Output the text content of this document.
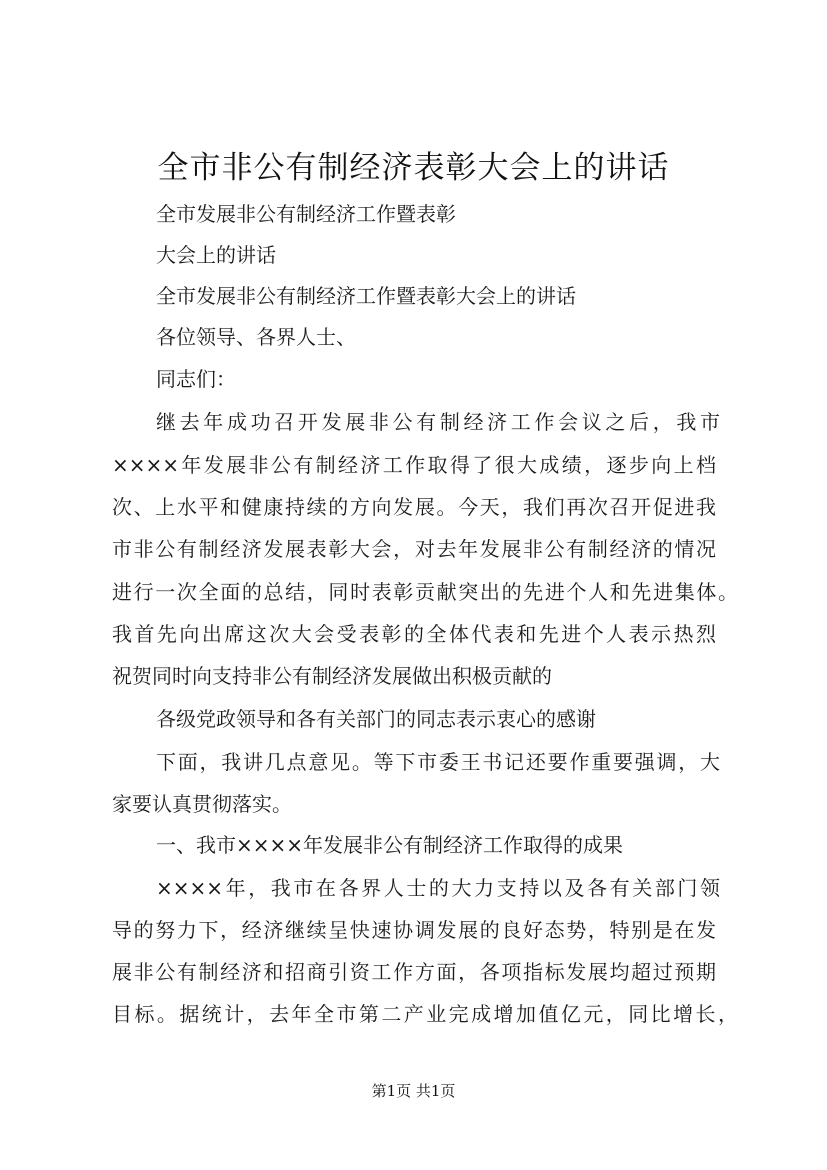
全市非公有制经济表彰大会上的讲话
全市发展非公有制经济工作暨表彰
大会上的讲话
全市发展非公有制经济工作暨表彰大会上的讲话
各位领导、各界人士、
同志们：
继去年成功召开发展非公有制经济工作会议之后，我市
××××年发展非公有制经济工作取得了很大成绩，逐步向上档
次、上水平和健康持续的方向发展。今天，我们再次召开促进我
市非公有制经济发展表彰大会，对去年发展非公有制经济的情况
进行一次全面的总结，同时表彰贡献突出的先进个人和先进集体。
我首先向出席这次大会受表彰的全体代表和先进个人表示热烈
祝贺同时向支持非公有制经济发展做出积极贡献的
各级党政领导和各有关部门的同志表示衷心的感谢
下面，我讲几点意见。等下市委王书记还要作重要强调，大
家要认真贯彻落实。
一、我市××××年发展非公有制经济工作取得的成果
××××年，我市在各界人士的大力支持以及各有关部门领
导的努力下，经济继续呈快速协调发展的良好态势，特别是在发
展非公有制经济和招商引资工作方面，各项指标发展均超过预期
目标。据统计，去年全市第二产业完成增加值亿元，同比增长，
第1页 共1页
